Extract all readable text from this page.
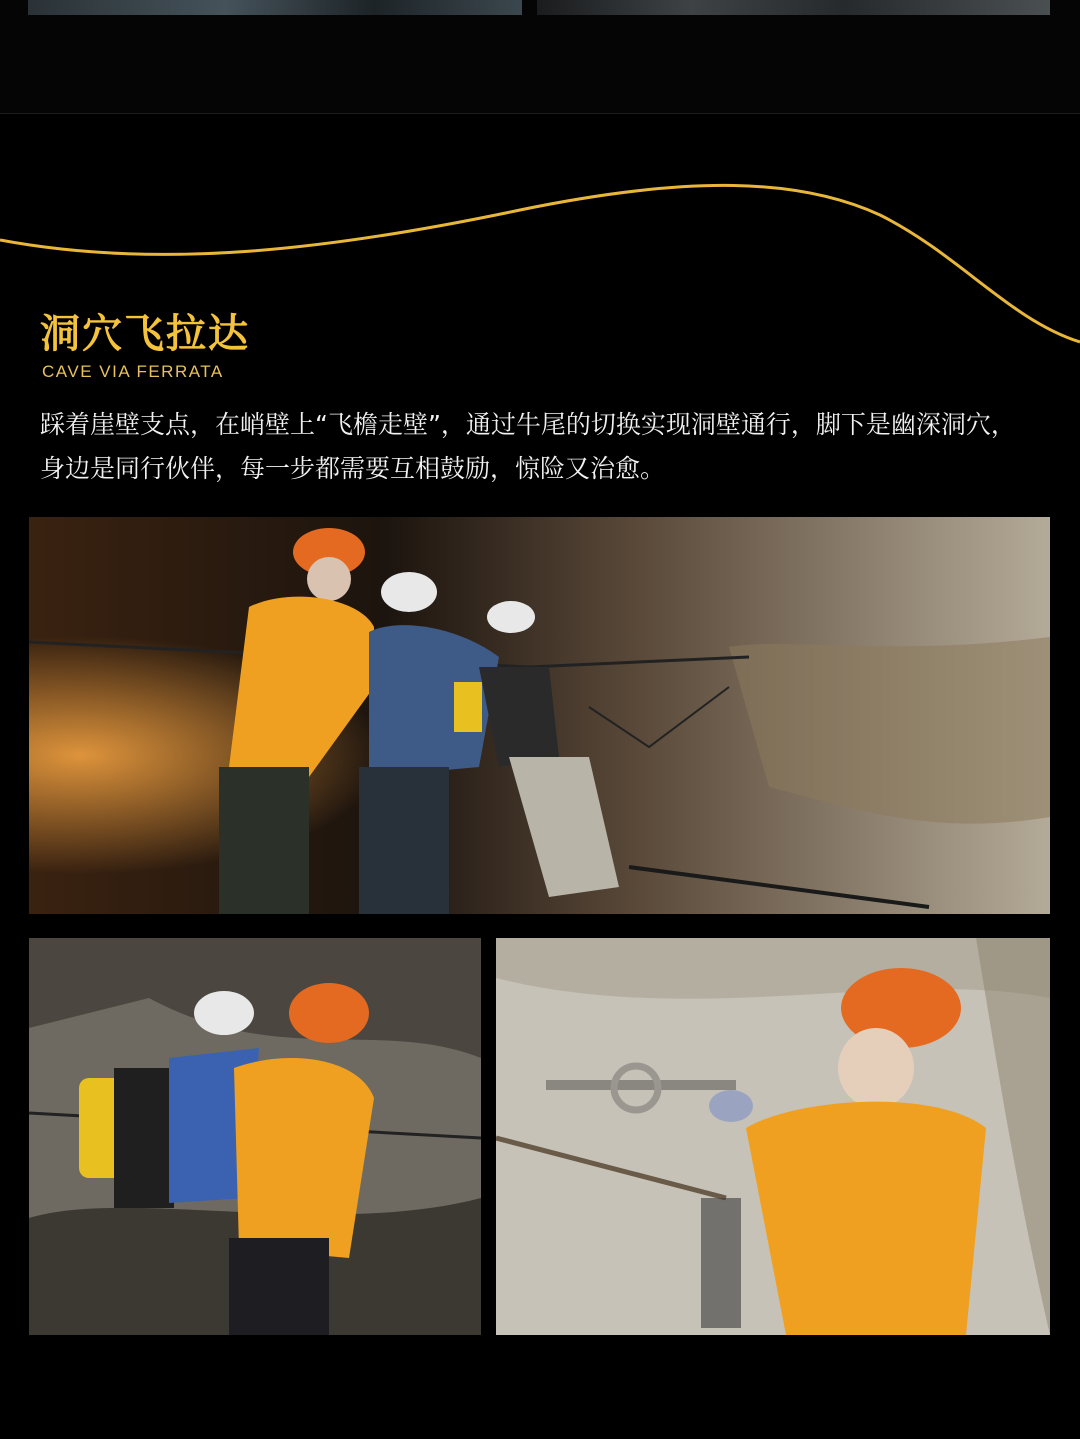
洞穴飞拉达
CAVE VIA FERRATA

踩着崖壁支点，在峭壁上“飞檐走壁”，通过牛尾的切换实现洞壁通行，脚下是幽深洞穴，身边是同行伙伴，每一步都需要互相鼓励，惊险又治愈。
